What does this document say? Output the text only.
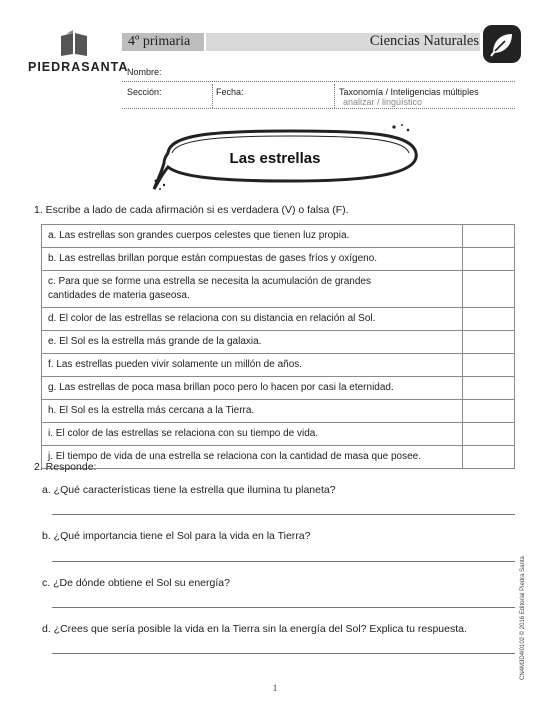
PIEDRASANTA
4º primaria	Ciencias Naturales
Nombre:
Sección:	Fecha:	Taxonomía / Inteligencias múltiples
analizar / lingüístico
Las estrellas
1. Escribe a lado de cada afirmación si es verdadera (V) o falsa (F).
a. Las estrellas son grandes cuerpos celestes que tienen luz propia.	
b. Las estrellas brillan porque están compuestas de gases fríos y oxígeno.	
c. Para que se forme una estrella se necesita la acumulación de grandes cantidades de materia gaseosa.	
d. El color de las estrellas se relaciona con su distancia en relación al Sol.	
e. El Sol es la estrella más grande de la galaxia.	
f. Las estrellas pueden vivir solamente un millón de años.	
g. Las estrellas de poca masa brillan poco pero lo hacen por casi la eternidad.	
h. El Sol es la estrella más cercana a la Tierra.	
i. El color de las estrellas se relaciona con su tiempo de vida.	
j. El tiempo de vida de una estrella se relaciona con la cantidad de masa que posee.	
2. Responde:
a. ¿Qué características tiene la estrella que ilumina tu planeta?
b. ¿Qué importancia tiene el Sol para la vida en la Tierra?
c. ¿De dónde obtiene el Sol su energía?
d. ¿Crees que sería posible la vida en la Tierra sin la energía del Sol? Explica tu respuesta.	CN4M3D4I0102 © 2016 Editorial Piedra Santa
1
